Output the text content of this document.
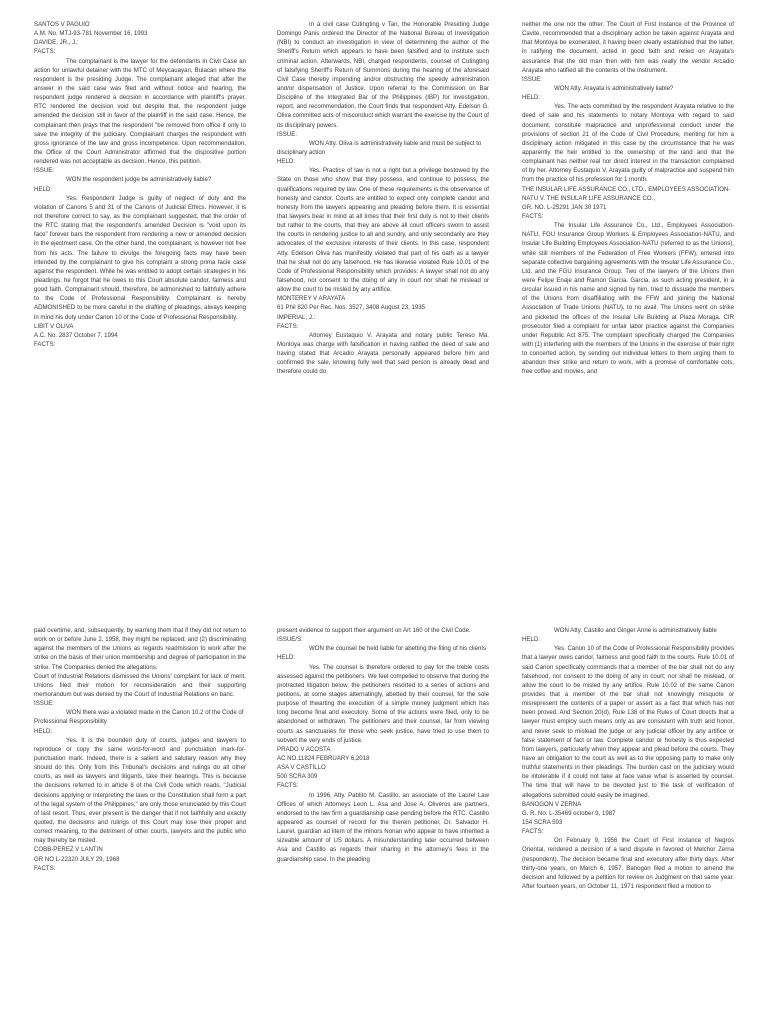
SANTOS V PAGUIO
A.M. No. MTJ-93-781 November 16, 1993
DAVIDE, JR., J.:

FACTS:

The complainant is the lawyer for the defendants in Civil Case an action for unlawful detainer with the MTC of Meycauayan, Bulacan where the respondent is the presiding Judge. The complainant alleged that after the answer in the said case was filed and without notice and hearing, the respondent judge rendered a decision in accordance with plaintiff's prayer. RTC rendered the decision void but despite that, the respondent judge amended the decision still in favor of the plaintiff in the said case. Hence, the complainant then prays that the respondent "be removed from office if only to save the integrity of the judiciary. Complainant charges the respondent with gross ignorance of the law and gross incompetence. Upon recommendation, the Office of the Court Administrator affirmed that the dispositive portion rendered was not acceptable as decision. Hence, this petition.

ISSUE:

WON the respondent judge be administratively liable?

HELD:

Yes. Respondent Judge is guilty of neglect of duty and the violation of Canons 5 and 31 of the Canons of Judicial Ethics. However, it is not therefore correct to say, as the complainant suggested, that the order of the RTC stating that the respondent's amended Decision is "void upon its face" forever bars the respondent from rendering a new or amended decision in the ejectment case. On the other hand, the complainant, is however not free from his acts. The failure to divulge the foregoing facts may have been intended by the complainant to give his complaint a strong prima facie case against the respondent. While he was entitled to adopt certain strategies in his pleadings, he forgot that he owes to this Court absolute candor, fairness and good faith. Complainant should, therefore, be admonished to faithfully adhere to the Code of Professional Responsibility. Complainant is hereby ADMONISHED to be more careful in the drafting of pleadings, always keeping in mind his duty under Canon 10 of the Code of Professional Responsibility.

LIBIT V OLIVA
A.C. No. 2837 October 7, 1994

FACTS:

In a civil case Cutingting v Tan, the Honorable Presiding Judge Domingo Panis ordered the Director of the National Bureau of Investigation (NBI) to conduct an investigation in view of determining the author of the Sheriff's Return which appears to have been falsified and to institute such criminal action. Afterwards, NBI, charged respondents, counsel of Cutingting of falsifying Sheriff's Return of Summons during the hearing of the aforesaid Civil Case thereby impending and/or obstructing the speedy administration and/or dispensation of Justice. Upon referral to the Commission on Bar Discipline of the Integrated Bar of the Philippines (IBP) for investigation, report, and recommendation, the Court finds that respondent Atty. Edelson G. Oliva committed acts of misconduct which warrant the exercise by the Court of its disciplinary powers.

ISSUE:

WON Atty. Oliva is administratively liable and must be subject to disciplinary action

HELD:

Yes. Practice of law is not a right but a privilege bestowed by the State on those who show that they possess, and continue to possess, the qualifications required by law. One of these requirements is the observance of honesty and candor. Courts are entitled to expect only complete candor and honesty from the lawyers appearing and pleading before them. It is essential that lawyers bear in mind at all times that their first duty is not to their clients but rather to the courts, that they are above all court officers sworn to assist the courts in rendering justice to all and sundry, and only secondarily are they advocates of the exclusive interests of their clients. In this case, respondent Atty. Edelson Oliva has manifestly violated that part of his oath as a lawyer that he shall not do any falsehood. He has likewise violated Rule 10.01 of the Code of Professional Responsibility which provides: A lawyer shall not do any falsehood, nor consent to the doing of any in court nor shall he mislead or allow the court to be misled by any artifice.

MONTEREY V ARAYATA
61 Phil 820 Per Rec. Nos. 3527, 3408 August 23, 1935
IMPERIAL, J.:

FACTS:

Attorney Eustaquio V. Arayata and notary public Tereso Ma. Montoya was charge with falsification in having ratified the deed of sale and having stated that Arcadio Arayata personally appeared before him and confirmed the sale, knowing fully well that said person is already dead and therefore could do

neither the one nor the other. The Court of First Instance of the Province of Cavite, recommended that a disciplinary action be taken against Arayata and that Montoya be exonerated, it having been clearly established that the latter, in ratifying the document, acted in good faith and relied on Arayata's assurance that the old man then with him was really the vendor Arcadio Arayata who ratified all the contents of the instrument.

ISSUE:

WON Atty. Arayata is administratively liable?

HELD:

Yes. The acts committed by the respondent Arayata relative to the deed of sale and his statements to notary Montoya with regard to said document, constitute malpractice and unprofessional conduct under the provisions of section 21 of the Code of Civil Procedure, meriting for him a disciplinary action mitigated in this case by the circumstance that he was apparently the heir entitled to the ownership of the land and that the complainant has neither real nor direct interest in the transaction complained of by her. Attorney Eustaquio V. Arayata guilty of malpractice and suspend him from the practice of his profession for 1 month.

THE INSULAR LIFE ASSURANCE CO., LTD., EMPLOYEES ASSOCIATION-NATU V. THE INSULAR LIFE ASSURANCE CO.,
GR. NO. L-25291 JAN 30 1971

FACTS:

The Insular Life Assurance Co., Ltd., Employees Association-NATU, FGU Insurance Group Workers & Employees Association-NATU, and Insular Life Building Employees Association-NATU (referred to as the Unions), while still members of the Federation of Free Workers (FFW), entered into separate collective bargaining agreements with the Insular Life Assurance Co., Ltd. and the FGU Insurance Group. Two of the lawyers of the Unions then were Felipe Enaje and Ramon Garcia. Garcia, as such acting president, in a circular issued in his name and signed by him, tried to dissuade the members of the Unions from disaffiliating with the FFW and joining the National Association of Trade Unions (NATU), to no avail. The Unions went on strike and picketed the offices of the Insular Life Building at Plaza Moraga. CIR prosecutor filed a complaint for unfair labor practice against the Companies under Republic Act 875. The complaint specifically charged the Companies with (1) interfering with the members of the Unions in the exercise of their right to concerted action, by sending out individual letters to them urging them to abandon their strike and return to work, with a promise of comfortable cots, free coffee and movies, and

paid overtime, and, subsequently, by warning them that if they did not return to work on or before June 2, 1958, they might be replaced; and (2) discriminating against the members of the Unions as regards readmission to work after the strike on the basis of their union membership and degree of participation in the strike. The Companies denied the allegations.

Court of Industrial Relations dismissed the Unions' complaint for lack of merit. Unions filed their motion for reconsideration and their supporting memorandum but was denied by the Court of Industrial Relations en banc.

ISSUE:

WON there was a violated made in the Canon 10.2 of the Code of Professional Responsibility

HELD:

Yes. It is the bounden duty of courts, judges and lawyers to reproduce or copy the same word-for-word and punctuation mark-for-punctuation mark. Indeed, there is a salient and salutary reason why they should do this. Only from this Tribunal's decisions and rulings do all other courts, as well as lawyers and litigants, take their bearings. This is because the decisions referred to in article 8 of the Civil Code which reads, "Judicial decisions applying or interpreting the laws or the Constitution shall form a part of the legal system of the Philippines," are only those enunciated by this Court of last resort. Thus, ever present is the danger that if not faithfully and exactly quoted, the decisions and rulings of this Court may lose their proper and correct meaning, to the detriment of other courts, lawyers and the public who may thereby be misled.

COBB-PEREZ V LANTIN
GR NO L-22320 JULY 29, 1968

FACTS:

present evidence to support their argument on Art 160 of the Civil Code.

ISSUE/S:

WON the counsel be held liable for abetting the filing of his clients

HELD:

Yes. The counsel is therefore ordered to pay for the treble costs assessed against the petitioners. We feel compelled to observe that during the protracted litigation below, the petitioners resorted to a series of actions and petitions, at some stages alternatingly, abetted by their counsel, for the sole purpose of thwarting the execution of a simple money judgment which has long become final and executory. Some of the actions were filed, only to be abandoned or withdrawn. The petitioners and their counsel, far from viewing courts as sanctuaries for those who seek justice, have tried to use them to subvert the very ends of justice.

PRADO V ACOSTA
AC NO.11824 FEBRUARY 6,2018

ASA V CASTILLO
500 SCRA 309

FACTS:

In 1996, Atty. Pablito M. Castillo, an associate of the Laurel Law Offices of which Attorneys Leon L. Asa and Jose A. Oliveros are partners, endorsed to the law firm a guardianship case pending before the RTC. Castillo appeared as counsel of record for the therein petitioner, Dr. Salvador H. Laurel, guardian ad litem of the minors Nonan who appear to have inherited a sizeable amount of US dollars. A misunderstanding later occurred between Asa and Castillo as regards their sharing in the attorney's fees in the guardianship case. In the pleading

WON Atty. Castillo and Ginger Anne is administratively liable

HELD:

Yes. Canon 10 of the Code of Professional Responsibility provides that a lawyer owes candor, fairness and good faith to the courts. Rule 10.01 of said Canon specifically commands that a member of the bar shall not do any falsehood, nor consent to the doing of any in court; nor shall he mislead, or allow the court to be misled by any artifice. Rule 10.02 of the same Canon provides that a member of the bar shall not knowingly misquote or misrepresent the contents of a paper or assert as a fact that which has not been proved. And Section 20(d), Rule 138 of the Rules of Court directs that a lawyer must employ such means only as are consistent with truth and honor, and never seek to mislead the judge or any judicial officer by any artifice or false statement of fact or law. Complete candor or honesty is thus expected from lawyers, particularly when they appear and plead before the courts. They have an obligation to the court as well as to the opposing party to make only truthful statements in their pleadings. The burden cast on the judiciary would be intolerable if it could not take at face value what is asserted by counsel. The time that will have to be devoted just to the task of verification of allegations submitted could easily be imagined.

BANOGON V ZERNA
G. R. No. L-35469 october 9, 1987
154 SCRA 593

FACTS:

On February 9, 1956 the Court of First Instance of Negros Oriental, rendered a decision of a land dispute in favored of Melchor Zerna (respondent). The decision became final and executory after thirty days. After thirty-one years, on March 6, 1957. Banogon filed a motion to amend the decision and followed by a petition for review on Judgment on that same year. After fourteen years, on October 11, 1971 respondent filed a motion to
